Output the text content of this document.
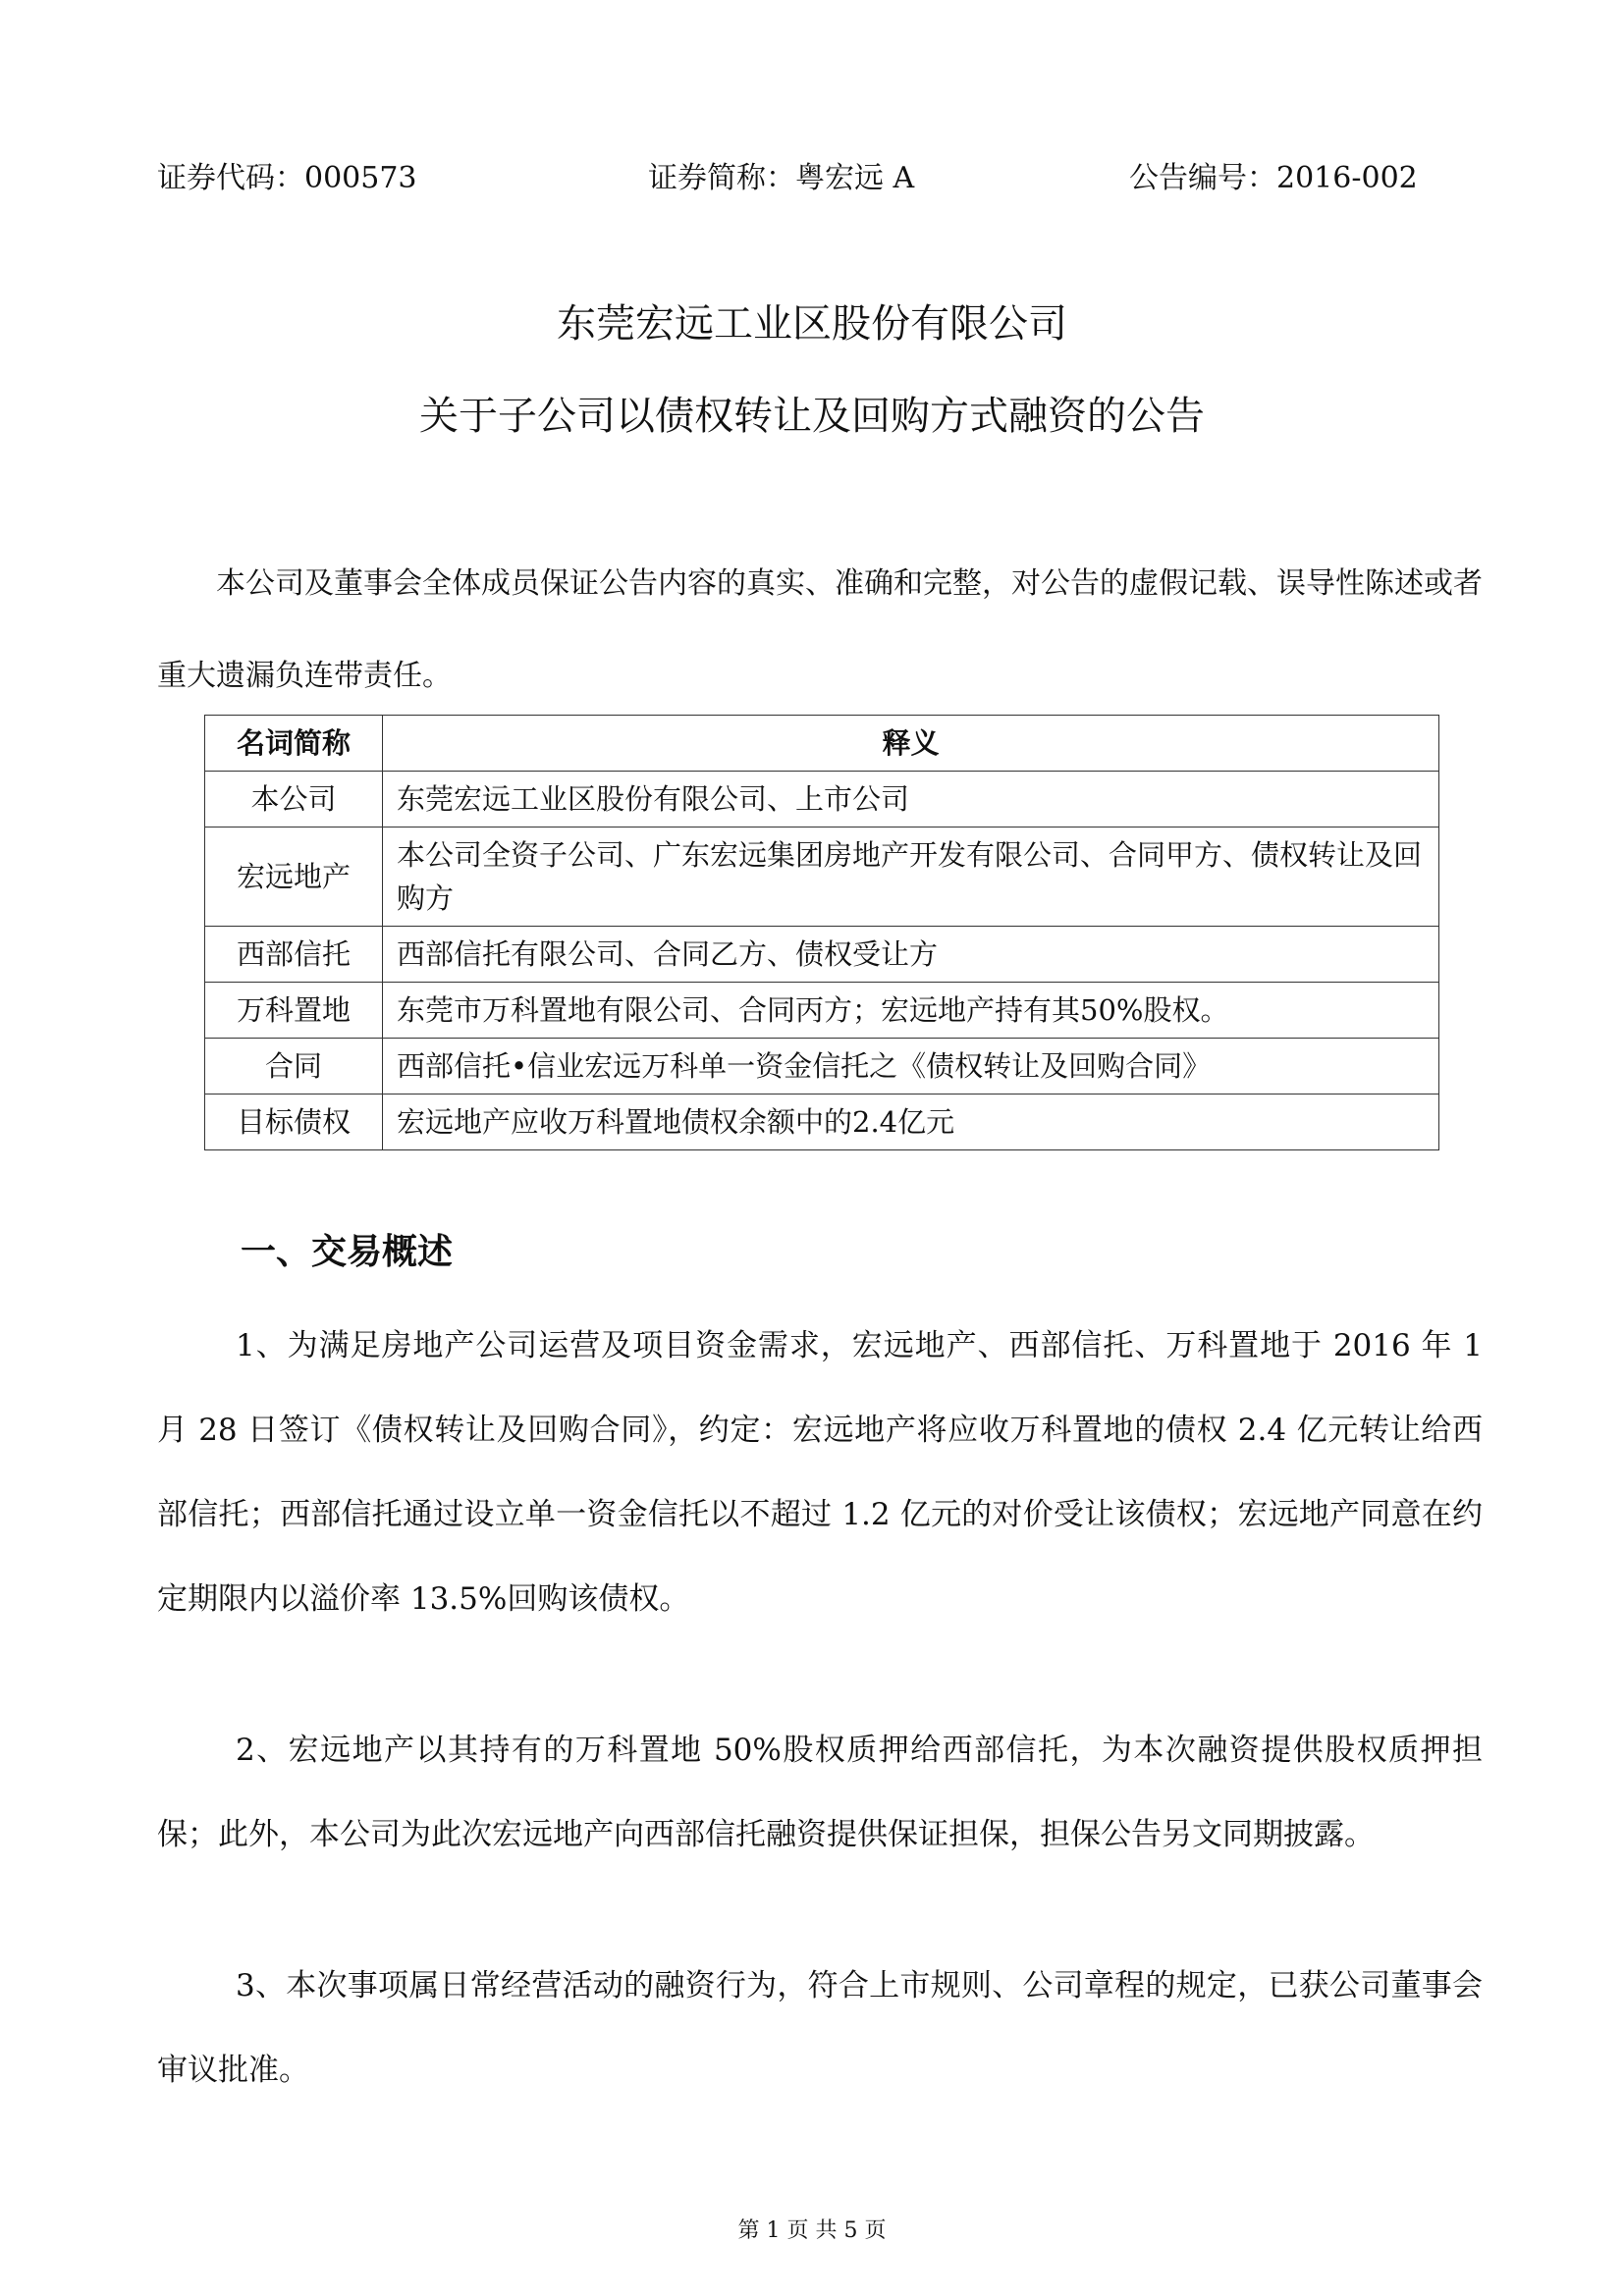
证券代码：000573	证券简称：粤宏远 A	公告编号：2016-002
东莞宏远工业区股份有限公司
关于子公司以债权转让及回购方式融资的公告
本公司及董事会全体成员保证公告内容的真实、准确和完整，对公告的虚假记载、误导性陈述或者重大遗漏负连带责任。
名词简称	释义
本公司	东莞宏远工业区股份有限公司、上市公司
宏远地产	本公司全资子公司、广东宏远集团房地产开发有限公司、合同甲方、债权转让及回购方
西部信托	西部信托有限公司、合同乙方、债权受让方
万科置地	东莞市万科置地有限公司、合同丙方；宏远地产持有其50%股权。
合同	西部信托•信业宏远万科单一资金信托之《债权转让及回购合同》
目标债权	宏远地产应收万科置地债权余额中的2.4亿元
一、交易概述

1、为满足房地产公司运营及项目资金需求，宏远地产、西部信托、万科置地于 2016 年 1 月 28 日签订《债权转让及回购合同》，约定：宏远地产将应收万科置地的债权 2.4 亿元转让给西部信托；西部信托通过设立单一资金信托以不超过 1.2 亿元的对价受让该债权；宏远地产同意在约定期限内以溢价率 13.5%回购该债权。

2、宏远地产以其持有的万科置地 50%股权质押给西部信托，为本次融资提供股权质押担保；此外，本公司为此次宏远地产向西部信托融资提供保证担保，担保公告另文同期披露。

3、本次事项属日常经营活动的融资行为，符合上市规则、公司章程的规定，已获公司董事会审议批准。

第 1 页 共 5 页
